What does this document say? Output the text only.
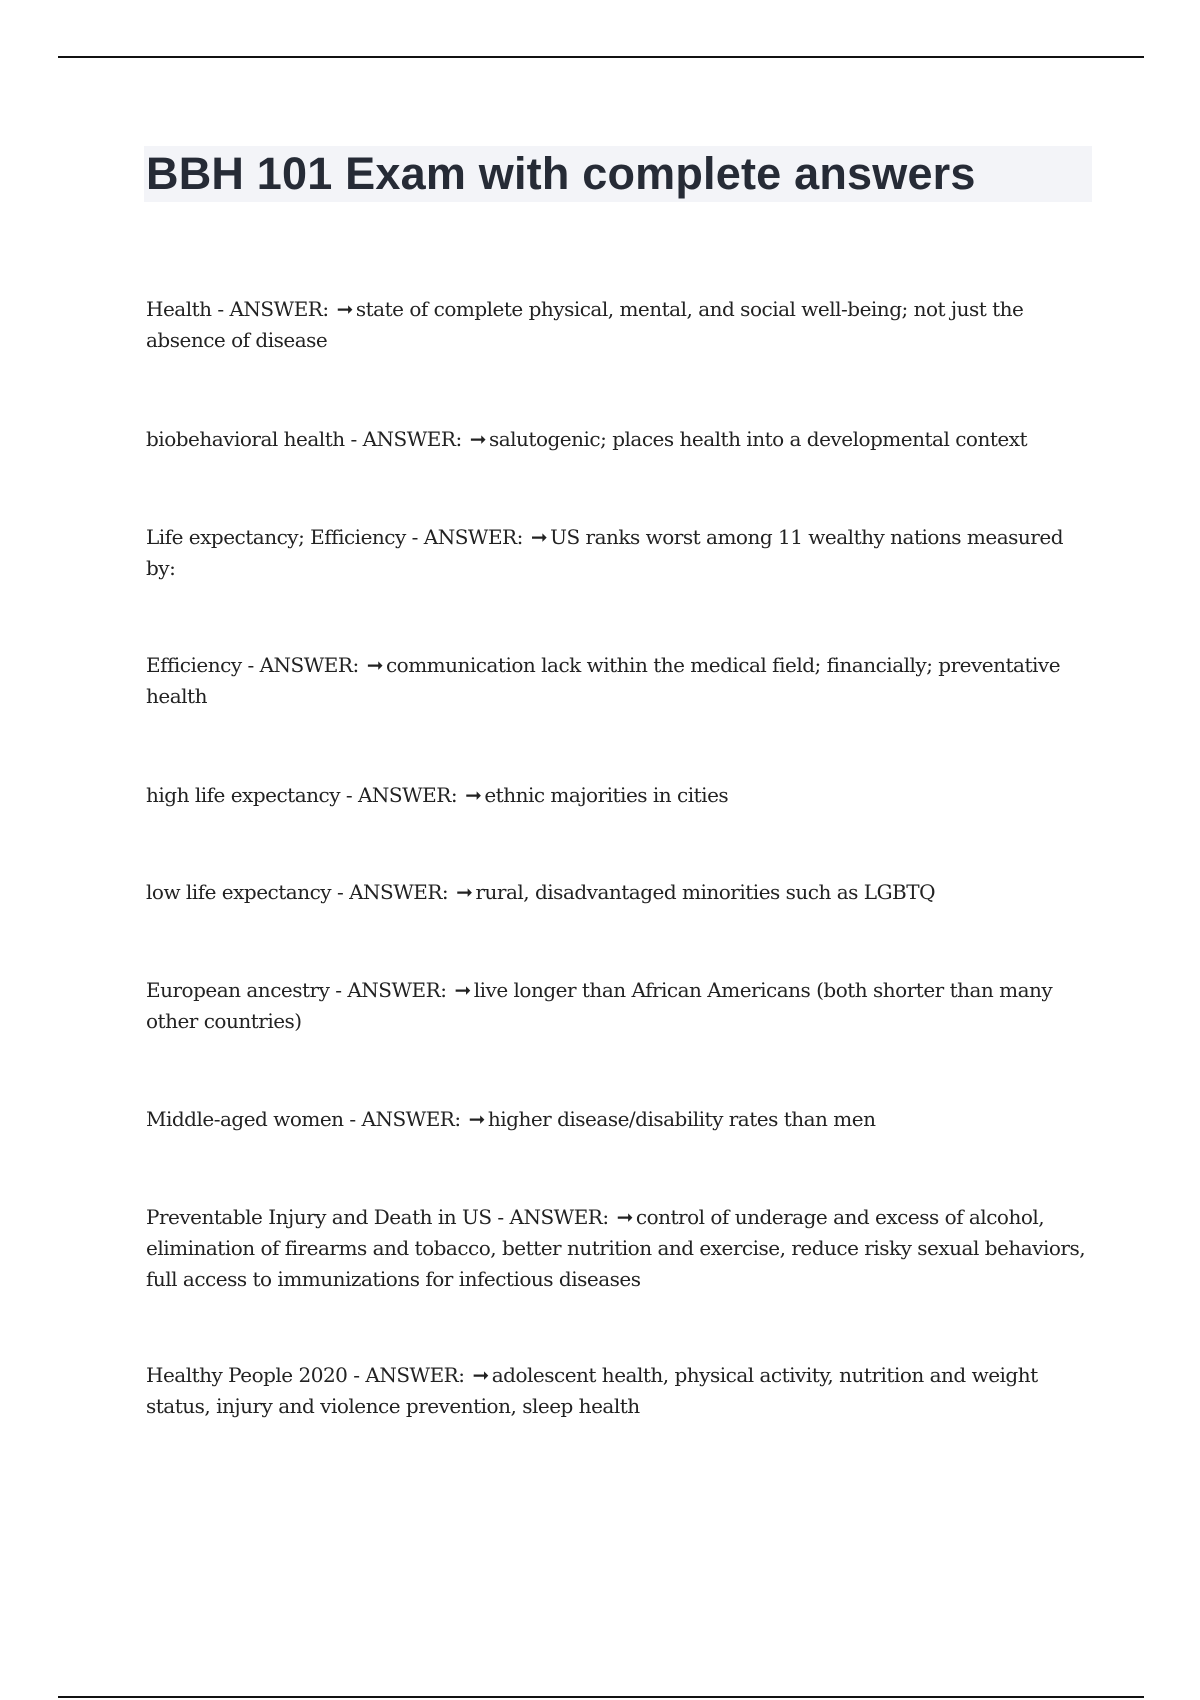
BBH 101 Exam with complete answers

Health - ANSWER: ➞ state of complete physical, mental, and social well-being; not just the absence of disease

biobehavioral health - ANSWER: ➞ salutogenic; places health into a developmental context

Life expectancy; Efficiency - ANSWER: ➞ US ranks worst among 11 wealthy nations measured by:

Efficiency - ANSWER: ➞ communication lack within the medical field; financially; preventative health

high life expectancy - ANSWER: ➞ ethnic majorities in cities

low life expectancy - ANSWER: ➞ rural, disadvantaged minorities such as LGBTQ

European ancestry - ANSWER: ➞ live longer than African Americans (both shorter than many other countries)

Middle-aged women - ANSWER: ➞ higher disease/disability rates than men

Preventable Injury and Death in US - ANSWER: ➞ control of underage and excess of alcohol, elimination of firearms and tobacco, better nutrition and exercise, reduce risky sexual behaviors, full access to immunizations for infectious diseases

Healthy People 2020 - ANSWER: ➞ adolescent health, physical activity, nutrition and weight status, injury and violence prevention, sleep health
